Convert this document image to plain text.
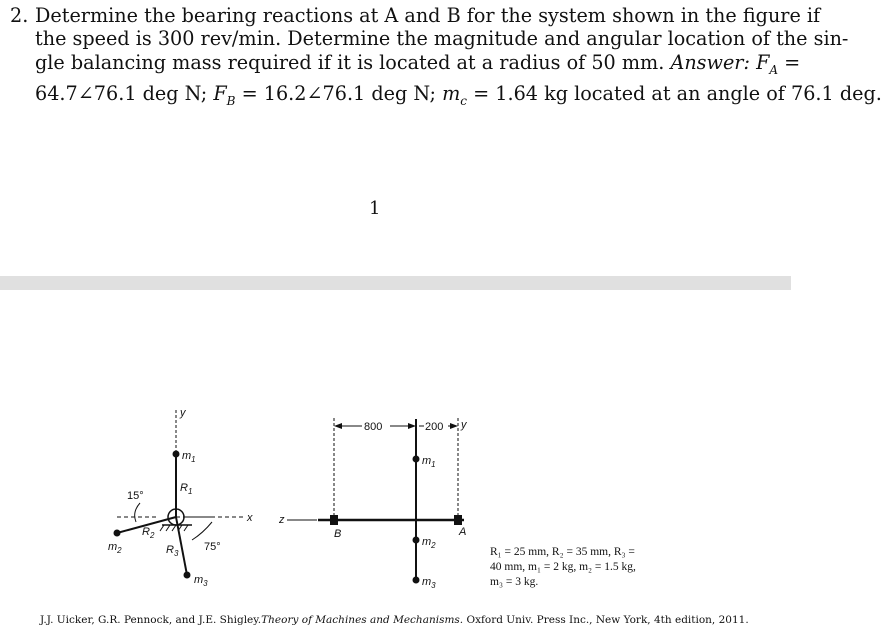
2. Determine the bearing reactions at A and B for the system shown in the figure if
the speed is 300 rev/min. Determine the magnitude and angular location of the sin-
gle balancing mass required if it is located at a radius of 50 mm. Answer: $F_A$ =
64.7∠76.1 deg N; $F_B$ = 16.2∠76.1 deg N; $m_c = 1.64$ kg located at an angle of 76.1 deg.
1
y
x
$m_1$
$R_1$
15°
$R_2$
$m_2$	$R_3$
75°
$m_3$
800	200 y
z
B	A
$m_1$
$m_2$
$m_3$
R₁ = 25 mm, R₂ = 35 mm, R₃ =
40 mm, m₁ = 2 kg, m₂ = 1.5 kg,
m₃ = 3 kg.
J.J. Uicker, G.R. Pennock, and J.E. Shigley.Theory of Machines and Mechanisms. Oxford Univ. Press Inc., New York, 4th edition, 2011.
